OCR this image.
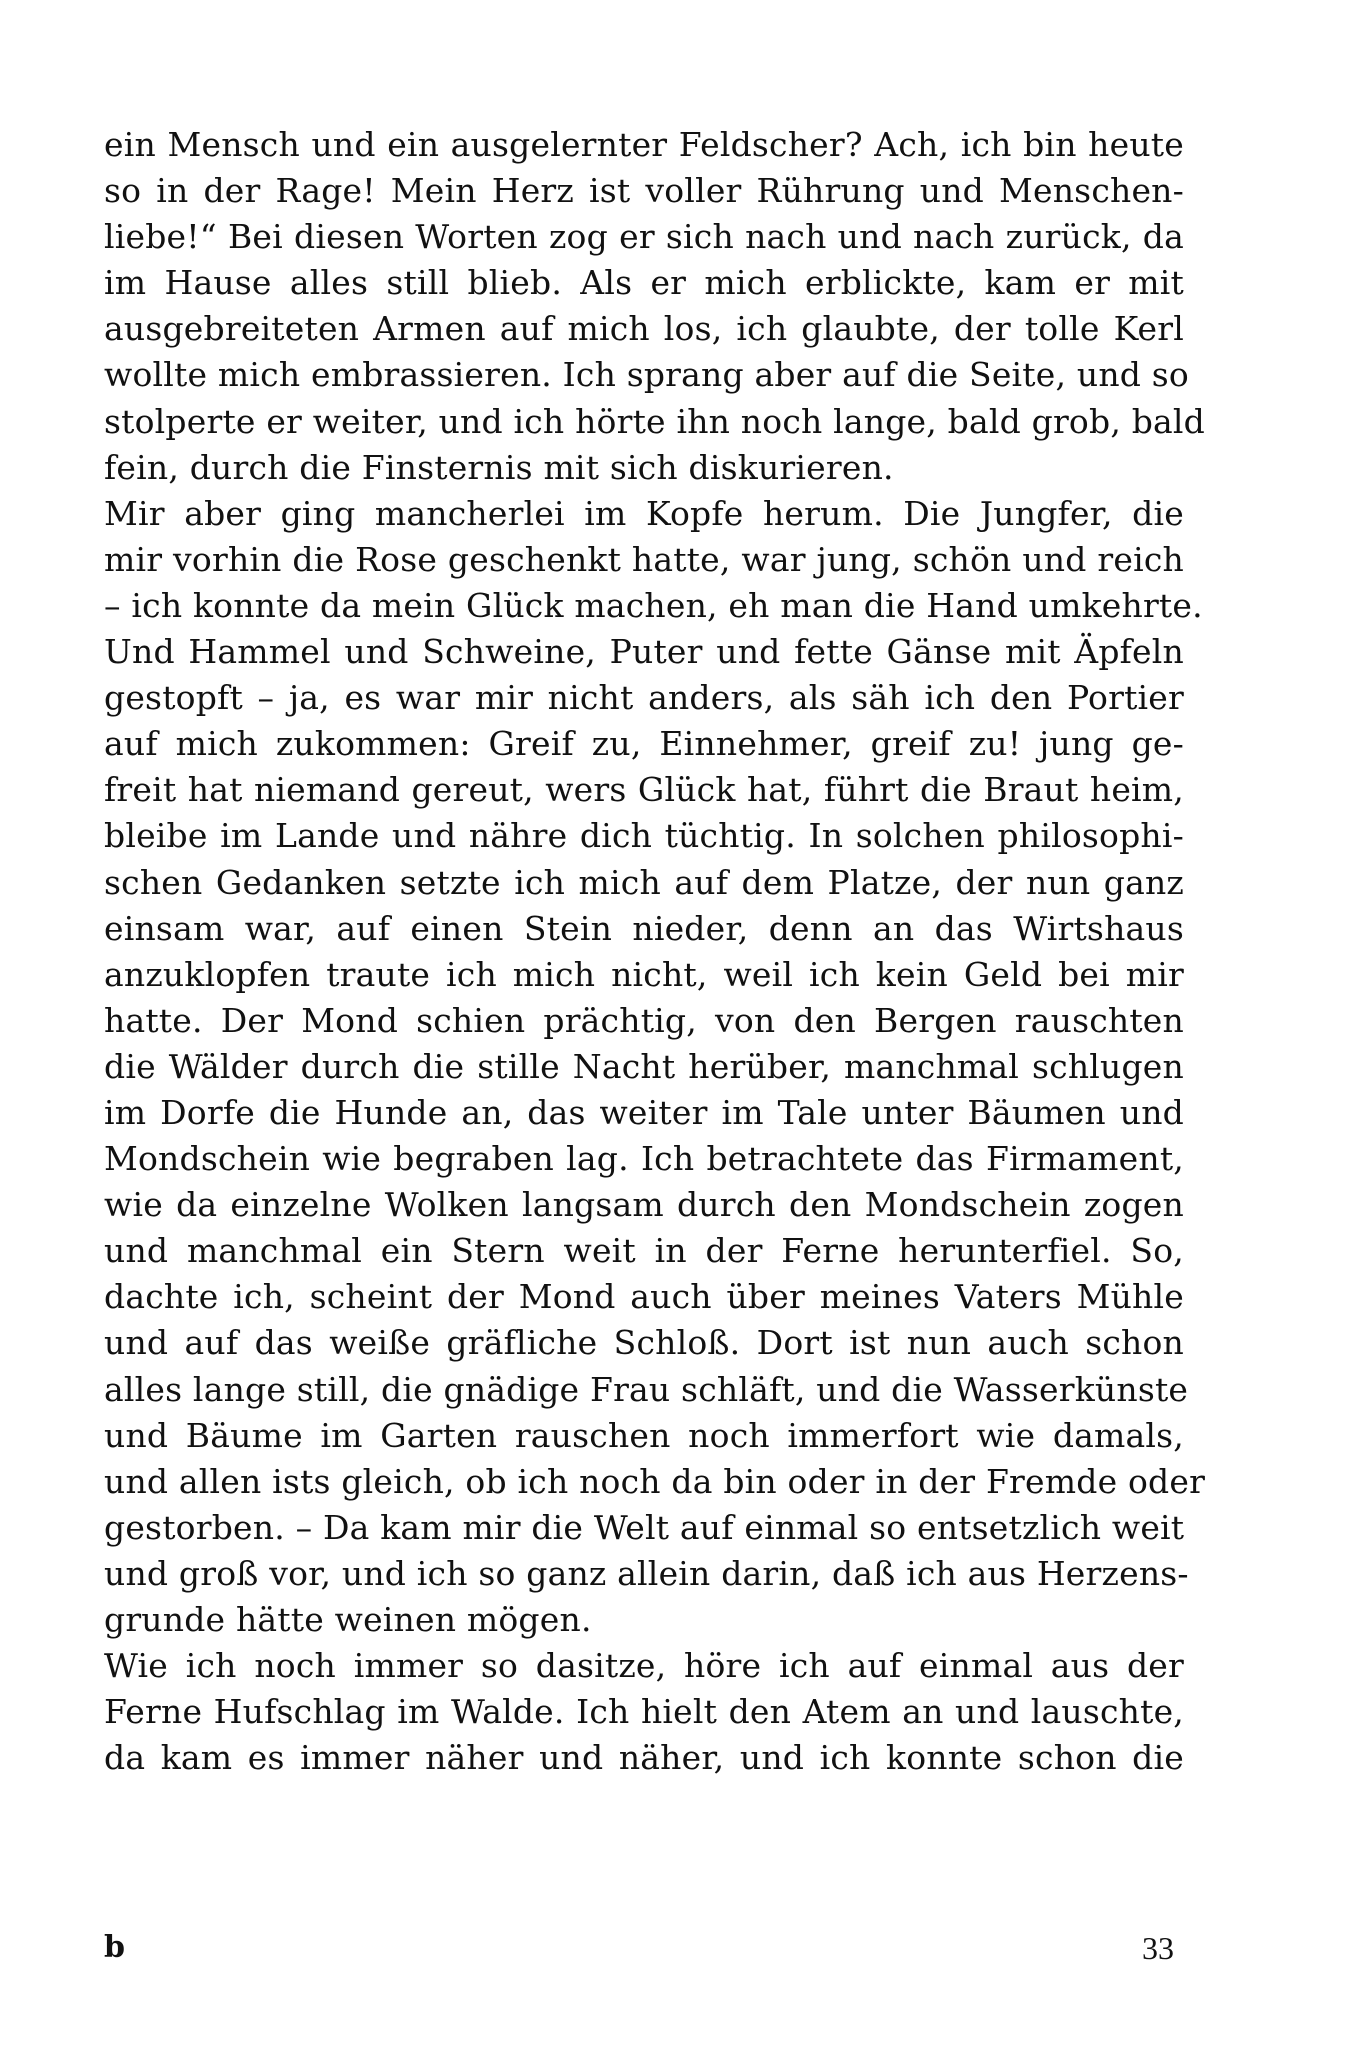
ein Mensch und ein ausgelernter Feldscher? Ach, ich bin heute
so in der Rage! Mein Herz ist voller Rührung und Menschen-
liebe!“ Bei diesen Worten zog er sich nach und nach zurück, da
im Hause alles still blieb. Als er mich erblickte, kam er mit
ausgebreiteten Armen auf mich los, ich glaubte, der tolle Kerl
wollte mich embrassieren. Ich sprang aber auf die Seite, und so
stolperte er weiter, und ich hörte ihn noch lange, bald grob, bald
fein, durch die Finsternis mit sich diskurieren.
Mir aber ging mancherlei im Kopfe herum. Die Jungfer, die
mir vorhin die Rose geschenkt hatte, war jung, schön und reich
– ich konnte da mein Glück machen, eh man die Hand umkehrte.
Und Hammel und Schweine, Puter und fette Gänse mit Äpfeln
gestopft – ja, es war mir nicht anders, als säh ich den Portier
auf mich zukommen: Greif zu, Einnehmer, greif zu! jung ge-
freit hat niemand gereut, wers Glück hat, führt die Braut heim,
bleibe im Lande und nähre dich tüchtig. In solchen philosophi-
schen Gedanken setzte ich mich auf dem Platze, der nun ganz
einsam war, auf einen Stein nieder, denn an das Wirtshaus
anzuklopfen traute ich mich nicht, weil ich kein Geld bei mir
hatte. Der Mond schien prächtig, von den Bergen rauschten
die Wälder durch die stille Nacht herüber, manchmal schlugen
im Dorfe die Hunde an, das weiter im Tale unter Bäumen und
Mondschein wie begraben lag. Ich betrachtete das Firmament,
wie da einzelne Wolken langsam durch den Mondschein zogen
und manchmal ein Stern weit in der Ferne herunterfiel. So,
dachte ich, scheint der Mond auch über meines Vaters Mühle
und auf das weiße gräfliche Schloß. Dort ist nun auch schon
alles lange still, die gnädige Frau schläft, und die Wasserkünste
und Bäume im Garten rauschen noch immerfort wie damals,
und allen ists gleich, ob ich noch da bin oder in der Fremde oder
gestorben. – Da kam mir die Welt auf einmal so entsetzlich weit
und groß vor, und ich so ganz allein darin, daß ich aus Herzens-
grunde hätte weinen mögen.
Wie ich noch immer so dasitze, höre ich auf einmal aus der
Ferne Hufschlag im Walde. Ich hielt den Atem an und lauschte,
da kam es immer näher und näher, und ich konnte schon die
b	33
